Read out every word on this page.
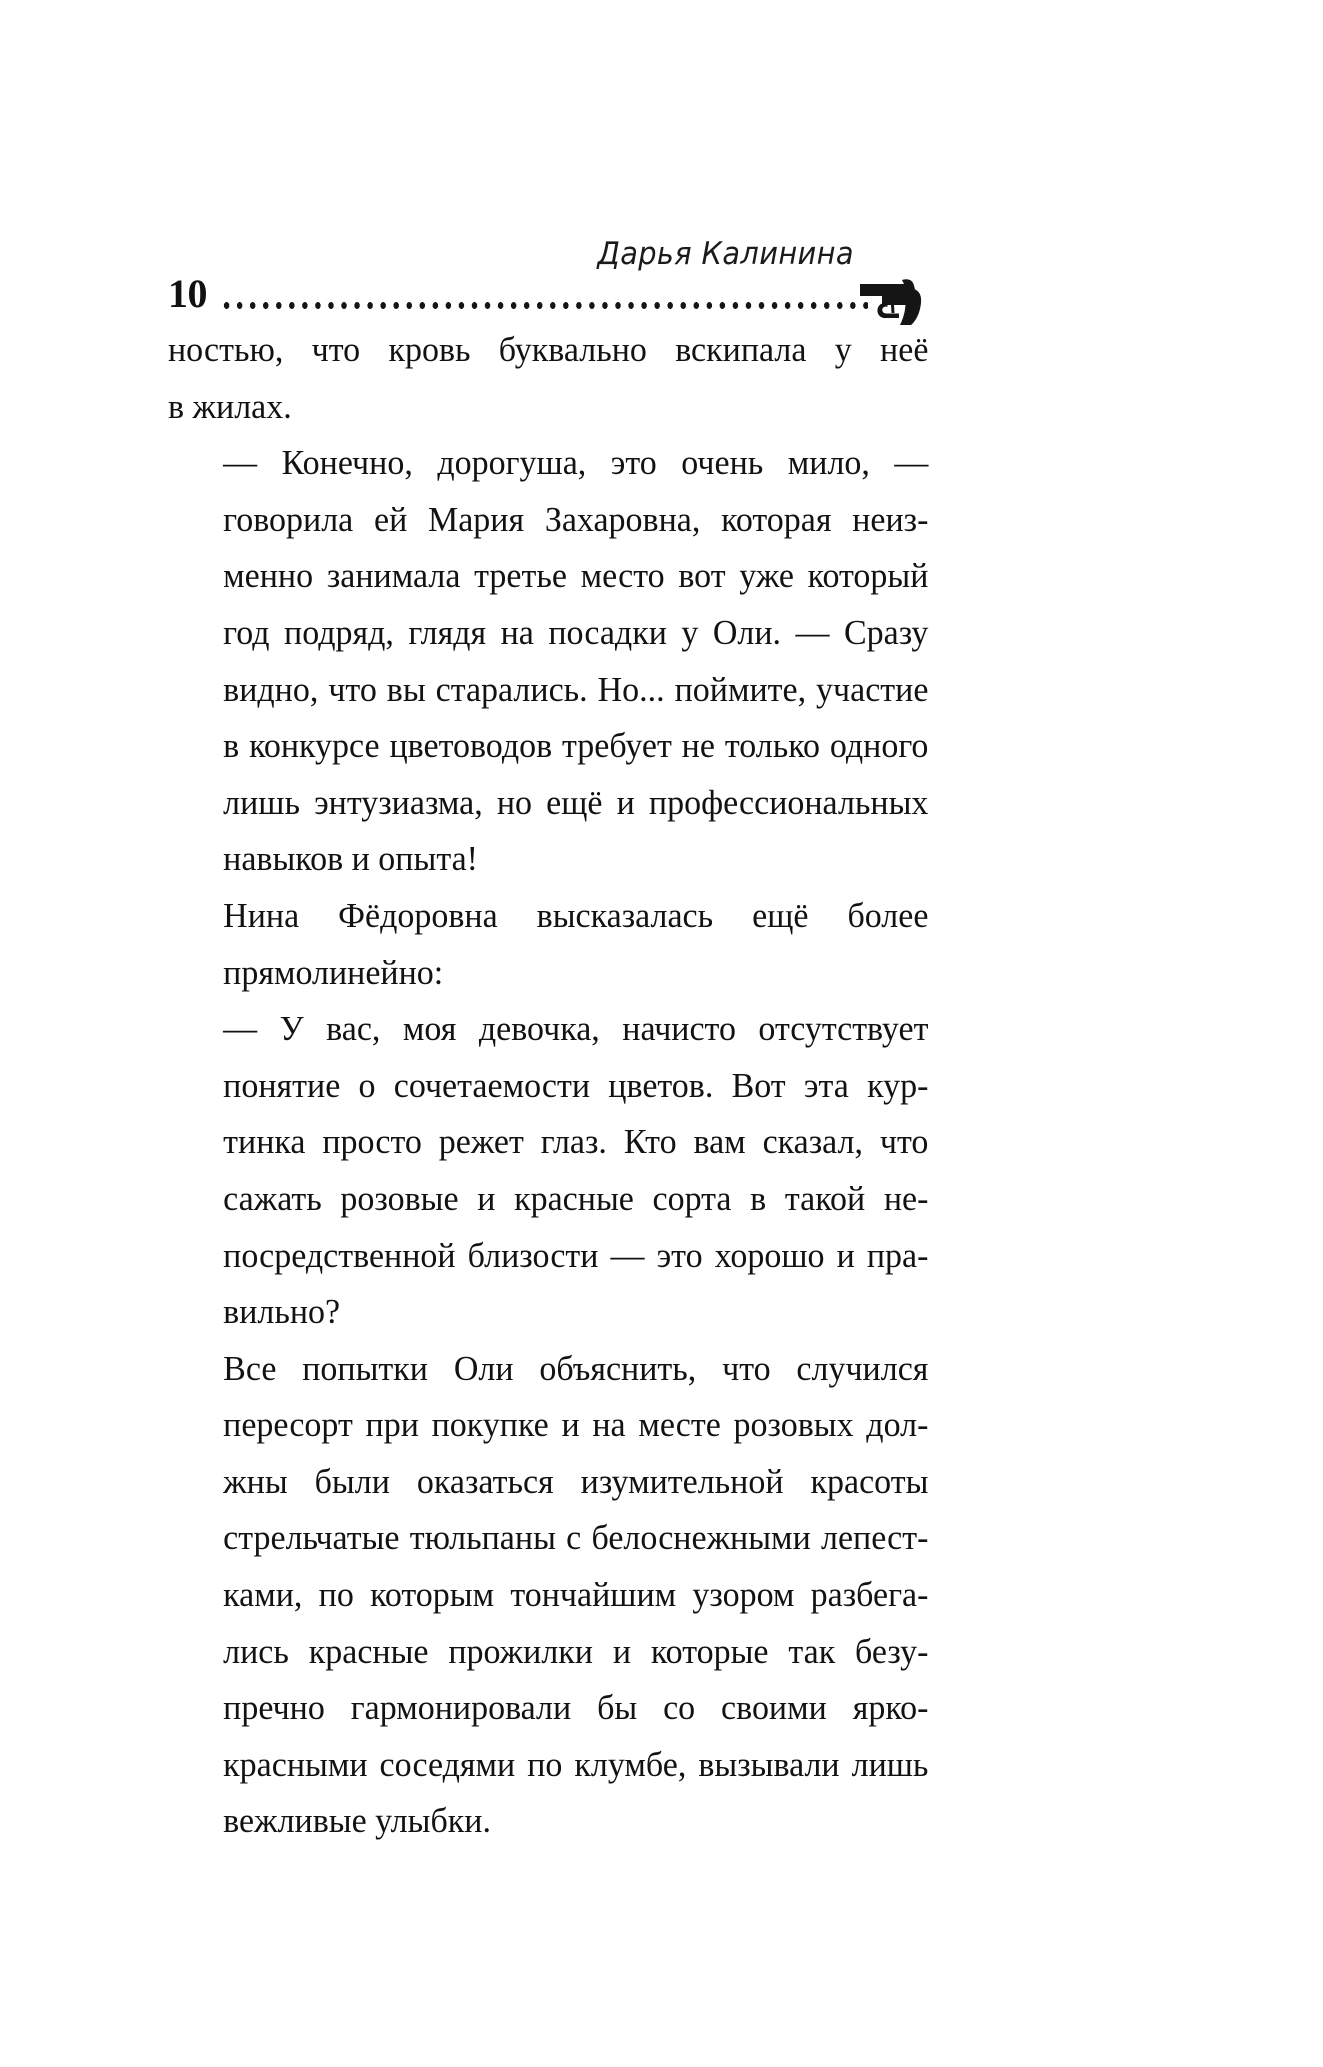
Дарья Калинина
10

ностью, что кровь буквально вскипала у неё
в жилах.

— Конечно, дорогуша, это очень мило, —
говорила ей Мария Захаровна, которая неиз-
менно занимала третье место вот уже который
год подряд, глядя на посадки у Оли. — Сразу
видно, что вы старались. Но... поймите, участие
в конкурсе цветоводов требует не только одного
лишь энтузиазма, но ещё и профессиональных
навыков и опыта!

Нина Фёдоровна высказалась ещё более
прямолинейно:

— У вас, моя девочка, начисто отсутствует
понятие о сочетаемости цветов. Вот эта кур-
тинка просто режет глаз. Кто вам сказал, что
сажать розовые и красные сорта в такой не-
посредственной близости — это хорошо и пра-
вильно?

Все попытки Оли объяснить, что случился
пересорт при покупке и на месте розовых дол-
жны были оказаться изумительной красоты
стрельчатые тюльпаны с белоснежными лепест-
ками, по которым тончайшим узором разбега-
лись красные прожилки и которые так безу-
пречно гармонировали бы со своими ярко-
красными соседями по клумбе, вызывали лишь
вежливые улыбки.
